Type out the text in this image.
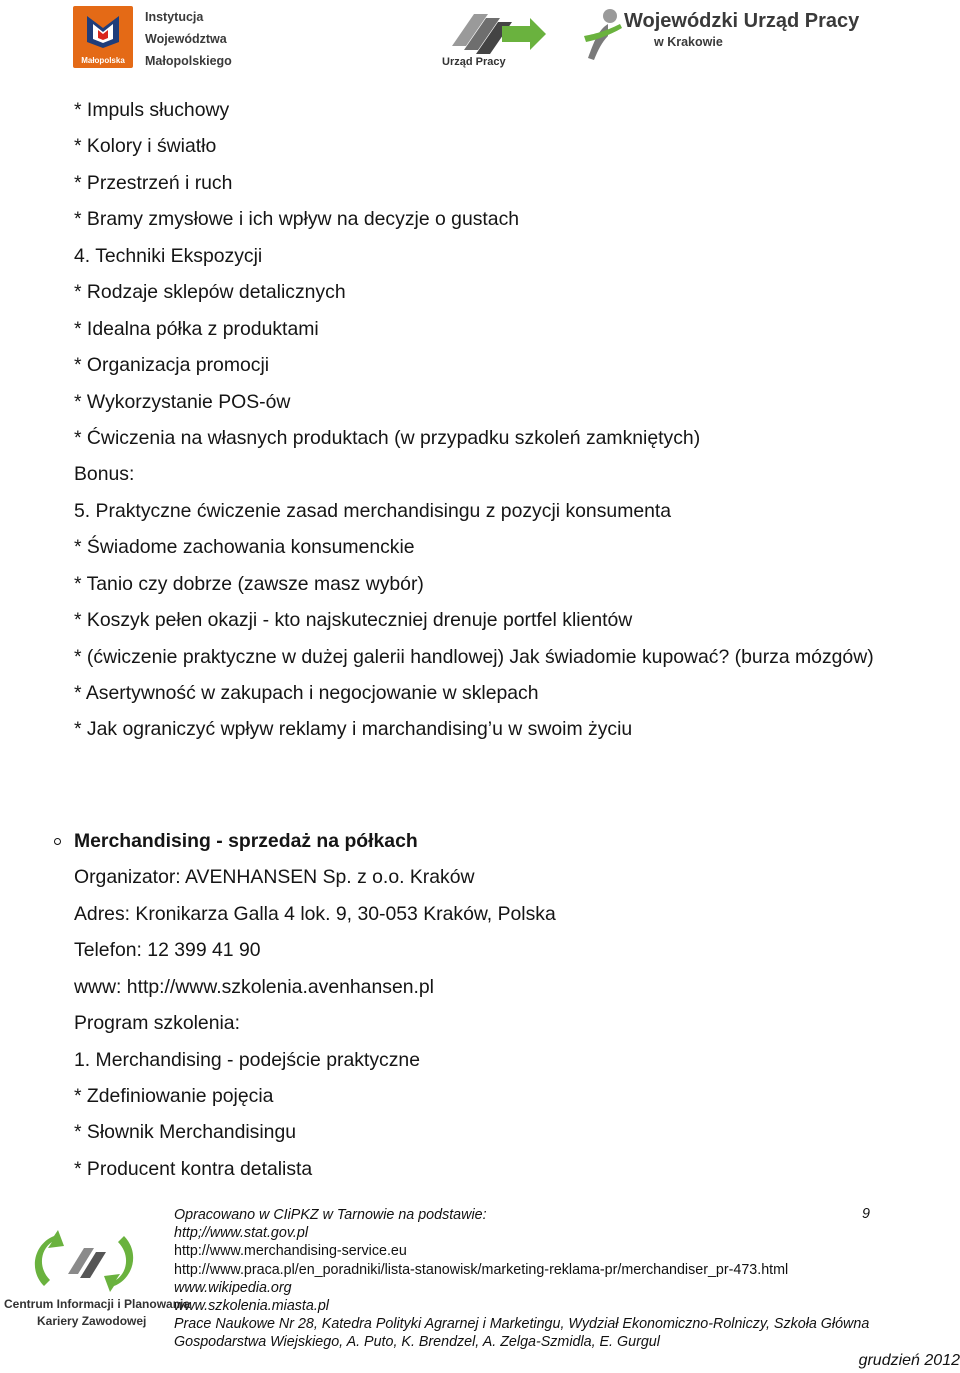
Małopolska
Instytucja
Województwa
Małopolskiego	Urząd Pracy
Wojewódzki Urząd Pracy
w Krakowie
* Impuls słuchowy
* Kolory i światło
* Przestrzeń i ruch
* Bramy zmysłowe i ich wpływ na decyzje o gustach
4. Techniki Ekspozycji
* Rodzaje sklepów detalicznych
* Idealna półka z produktami
* Organizacja promocji
* Wykorzystanie POS-ów
* Ćwiczenia na własnych produktach (w przypadku szkoleń zamkniętych)
Bonus:
5. Praktyczne ćwiczenie zasad merchandisingu z pozycji konsumenta
* Świadome zachowania konsumenckie
* Tanio czy dobrze (zawsze masz wybór)
* Koszyk pełen okazji - kto najskuteczniej drenuje portfel klientów
* (ćwiczenie praktyczne w dużej galerii handlowej) Jak świadomie kupować? (burza mózgów)
* Asertywność w zakupach i negocjowanie w sklepach
* Jak ograniczyć wpływ reklamy i marchandising’u w swoim życiu
Merchandising - sprzedaż na półkach
Organizator: AVENHANSEN Sp. z o.o. Kraków
Adres: Kronikarza Galla 4 lok. 9, 30-053 Kraków, Polska
Telefon: 12 399 41 90
www: http://www.szkolenia.avenhansen.pl
Program szkolenia:
1. Merchandising - podejście praktyczne
* Zdefiniowanie pojęcia
* Słownik Merchandisingu
* Producent kontra detalista
Centrum Informacji i Planowania
Kariery Zawodowej
Opracowano w CIiPKZ w Tarnowie na podstawie:
http;//www.stat.gov.pl
http://www.merchandising-service.eu
http://www.praca.pl/en_poradniki/lista-stanowisk/marketing-reklama-pr/merchandiser_pr-473.html
www.wikipedia.org
www.szkolenia.miasta.pl
Prace Naukowe Nr 28, Katedra Polityki Agrarnej i Marketingu, Wydział Ekonomiczno-Rolniczy, Szkoła Główna
Gospodarstwa Wiejskiego, A. Puto, K. Brendzel, A. Zelga-Szmidla, E. Gurgul
9
grudzień 2012
